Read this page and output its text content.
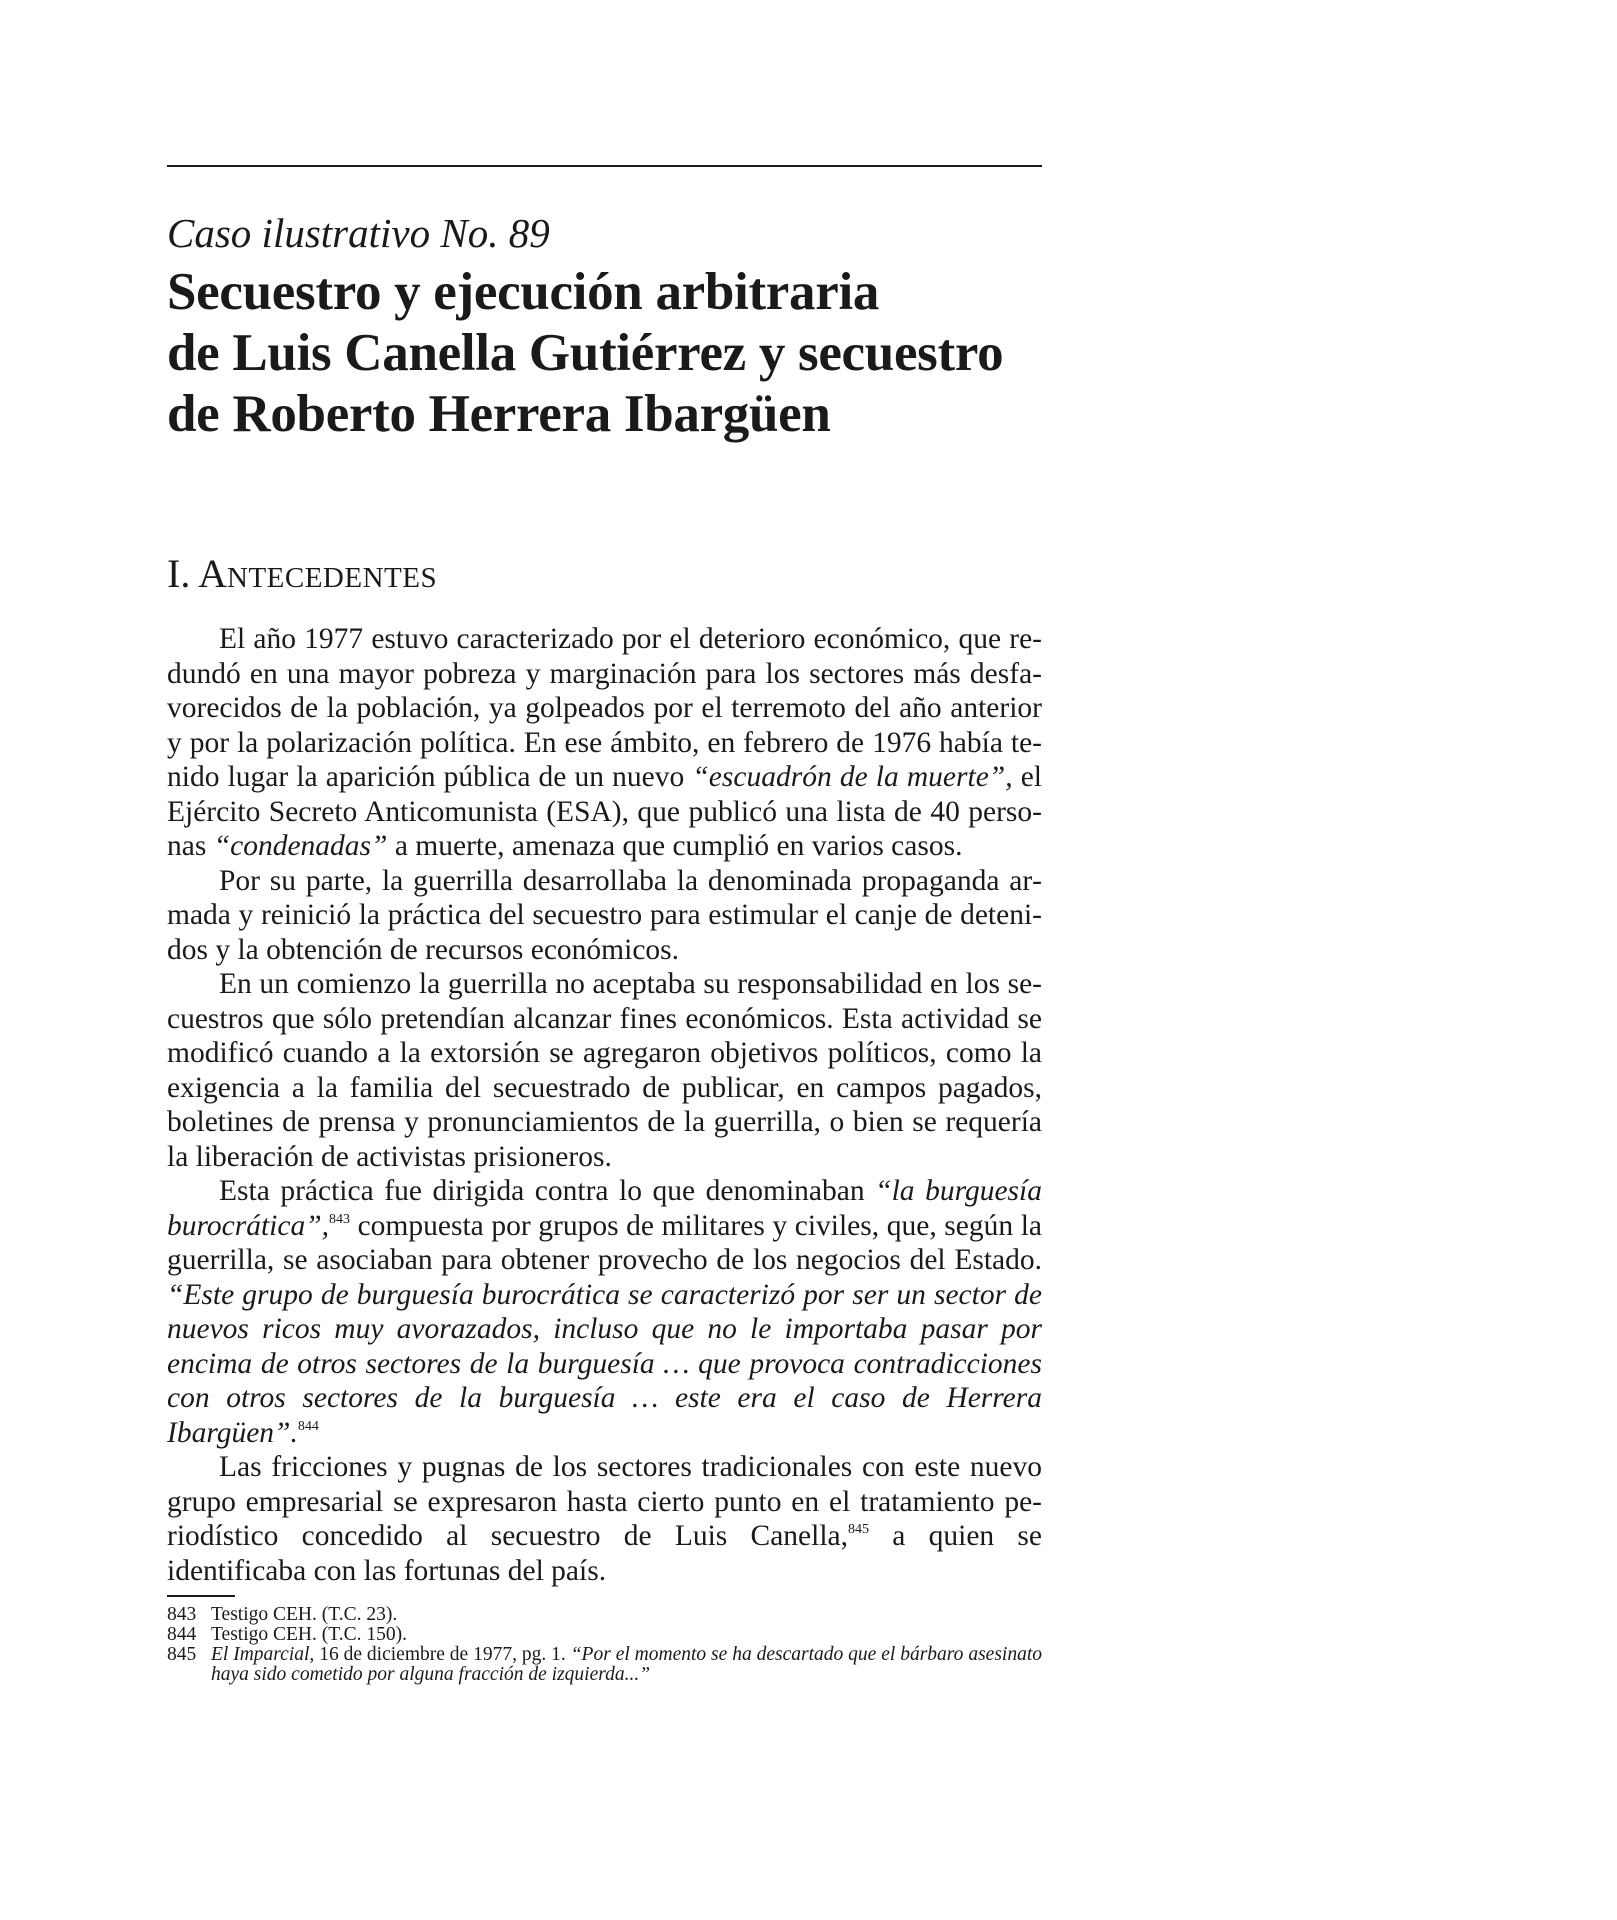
Caso ilustrativo No. 89
Secuestro y ejecución arbitraria
de Luis Canella Gutiérrez y secuestro
de Roberto Herrera Ibargüen
I. ANTECEDENTES

El año 1977 estuvo caracterizado por el deterioro económico, que redundó en una mayor pobreza y marginación para los sectores más desfavorecidos de la población, ya golpeados por el terremoto del año anterior y por la polarización política. En ese ámbito, en febrero de 1976 había tenido lugar la aparición pública de un nuevo “escuadrón de la muerte”, el Ejército Secreto Anticomunista (ESA), que publicó una lista de 40 personas “condenadas” a muerte, amenaza que cumplió en varios casos.

Por su parte, la guerrilla desarrollaba la denominada propaganda armada y reinició la práctica del secuestro para estimular el canje de detenidos y la obtención de recursos económicos.

En un comienzo la guerrilla no aceptaba su responsabilidad en los secuestros que sólo pretendían alcanzar fines económicos. Esta actividad se modificó cuando a la extorsión se agregaron objetivos políticos, como la exigencia a la familia del secuestrado de publicar, en campos pagados, boletines de prensa y pronunciamientos de la guerrilla, o bien se requería la liberación de activistas prisioneros.

Esta práctica fue dirigida contra lo que denominaban “la burguesía burocrática”,$^{843}$ compuesta por grupos de militares y civiles, que, según la guerrilla, se asociaban para obtener provecho de los negocios del Estado. “Este grupo de burguesía burocrática se caracterizó por ser un sector de nuevos ricos muy avorazados, incluso que no le importaba pasar por encima de otros sectores de la burguesía … que provoca contradicciones con otros sectores de la burguesía … este era el caso de Herrera Ibargüen”.$^{844}$

Las fricciones y pugnas de los sectores tradicionales con este nuevo grupo empresarial se expresaron hasta cierto punto en el tratamiento periodístico concedido al secuestro de Luis Canella,$^{845}$ a quien se identificaba con las fortunas del país.

843 Testigo CEH. (T.C. 23).
844 Testigo CEH. (T.C. 150).
845 El Imparcial, 16 de diciembre de 1977, pg. 1. “Por el momento se ha descartado que el bárbaro asesinato haya sido cometido por alguna fracción de izquierda...”
